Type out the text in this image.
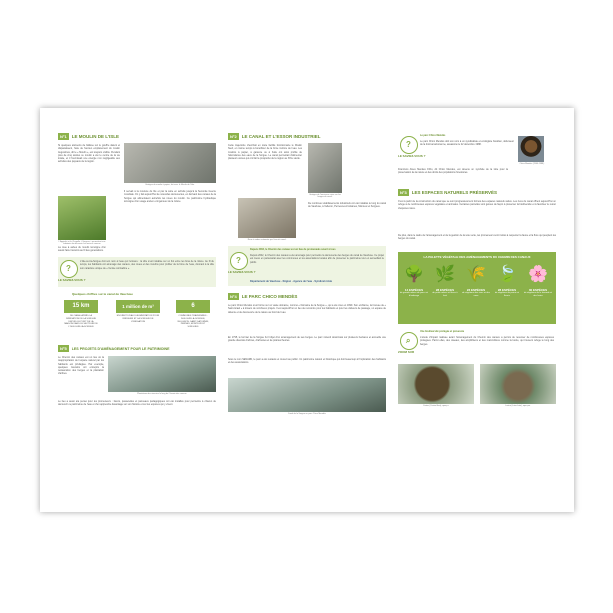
N°1	LE MOULIN DE L'ISLE
Si quelques éléments de bâtisse sur le gouffre datent et disparaissent, l'aire de l'ancien emplacement du moulin Augustinus, dit le « Moulin », est toujours visible. Pendant près de cinq siècles ce moulin a été le centre de la vie locale, et il fournissait une énergie non négligeable aux activités des paysans de la région.
Vestiges du moulin à papier, fait avec le Moulin de l'Isle.
L'Appiolet et la Chapelle « Sorgues » permettent aux habitants de découvrir les anciens canaux.
Il servait à la mouture du blé et par la suite en activité jusqu'à la Seconde Guerre mondiale. On y fait aujourd'hui de nouvelles découvertes, en dérivant des canaux de la Sorgue qui alimentaient autrefois les roues du moulin. Ce patrimoine hydraulique témoigne d'un usage ancien et ingénieux de la rivière.
La roue à aubes du moulin témoigne d'un savoir-faire transmis au fil des générations.
?
LE SAVIEZ-VOUS ?
L'Isle-sur-la-Sorgue doit son nom à l'eau qui l'entoure : la ville s'est installée sur un îlot entre les bras de la rivière. Au fil du temps, les habitants ont aménagé des canaux, des roues et des moulins pour profiter de la force de l'eau, donnant à la ville son caractère unique de « Venise comtadine ».
Quelques chiffres sur le canal de Vaucluse
15 km
DE CANAL APRÈS LA DÉRIVATION DE LA SORGUE DEPUIS LE PONT DE LA MAISON DANS LE SECTEUR DE L'ISLE-SUR-LA-SORGUE
1 million de m³
EN DÉBIT D'EAU D'ALIMENTATION POUR IRRIGUER ET LA SORGUE DE L'IRRIGATION
6
COMMUNES TRAVERSÉES : ISLE-SUR-LA-SORGUE, VELLERON, SAINT-SATURNIN, PERNES, MONTEUX ET SORGUES
N°5	LES PROJETS D'AMÉNAGEMENT POUR LE PATRIMOINE
Le Chemin des canaux est un lieu où la réappropriation de l'espace naturel par les habitants est privilégiée. Par exemple, quelques riverains ont entrepris la restauration des berges et la plantation d'arbres.
Plantations des riverains le long du Chemin des canaux.
Le lieu a aussi été pensé pour les promeneurs : bancs, passerelles et panneaux pédagogiques ont été installés pour permettre à chacun de découvrir ce patrimoine de l'eau et d'en apprendre davantage sur son histoire et sur les espèces qui y vivent.
N°2	LE CANAL ET L'ESSOR INDUSTRIEL
Cette trajectoire cherchait en toute facilité fonctionnaire le Moulin Neuf, en même temps à bénéficier de la force motrice de l'eau. Les moulins à papier, à garance ou à huile ont ainsi profité de l'abondance des eaux de la Sorgue. Le canal permettait d'alimenter plusieurs usines qui ont fait la prospérité de la région au XIXe siècle.
Vestiges de l'ancienne usine sur les berges du canal.
Roue à aubes actionnée par l'eau du canal.
De nombreux établissements industriels ont été installés le long du canal de Vaucluse, à Velleron, Pernes-les-Fontaines, Monteux et Sorgues.
?
LE SAVIEZ-VOUS ?
Depuis 2002, le Chemin des canaux est un lieu de promenade ouvert à tous
Depuis 2002, le Chemin des canaux a été aménagé pour permettre la découverte des berges du canal de Vaucluse. Ce projet est mené en partenariat avec les communes et les associations locales afin de préserver le patrimoine tout en accueillant le public.
Département de Vaucluse · Région · Agence de l'eau · Syndicat mixte
N°4	LE PARC CHICO MENDÈS
Le parc Chico Mendès s'est formé sur un vaste domaine, nommé « Domaine de la Sorgue », qui a été créé en 1999. Son emblème, la trouvée de « Saint-Israël » à travers de nombreux projets. Il est aujourd'hui un lieu de rencontre pour les habitants et pour les visiteurs de passage, un espace de détente et de découverte de la nature au bord de l'eau.
En 1795, le fermier de la Sorgue fut l'objet d'un aménagement de ses berges. Le parc s'étend désormais sur plusieurs hectares et accueille une grande diversité d'arbres, d'arbustes et de prairies fleuries.
Sous le nom SENARD, le parc a été restauré et rouvert au public. Un patrimoine naturel et historique qui doit beaucoup à l'implication des habitants et des associations.
Canal de la Sorgue au parc Chico Mendès.
?
LE SAVIEZ-VOUS ?
Le parc Chico Mendès
Le parc Chico Mendès doit son nom à un syndicaliste et écologiste brésilien, défenseur de la forêt amazonienne, assassiné le 22 décembre 1988.
Chico Mendes (1944-1988).
Francisco Alves Mendes Filho, dit Chico Mendes, est devenu un symbole de la lutte pour la préservation de la nature et des droits des populations forestières.
N°3	LES ESPACES NATURELS PRÉSERVÉS
C'est à partir de la construction du canal que se sont progressivement formés des espaces naturels variés. Les rives du canal offrent aujourd'hui un refuge à de nombreuses espèces végétales et animales. Certaines parcelles sont gérées de façon à préserver la biodiversité et à favoriser le retour d'espèces rares.
De plus, dans le cadre de l'aménagement et de la gestion de la voie verte, les promeneurs sont invités à respecter la faune et la flore qui peuplent les berges du canal.
LA PALETTE VÉGÉTALE DES AMÉNAGEMENTS DU CHEMIN DES CANAUX
🌳
14 ESPÈCES
de grands arbres de parcs et d'ombrage
🌿
28 ESPÈCES
de petits arbres et fleurs à fruit
🌾
23 ESPÈCES
de végétaux des rives et des eaux
🍃
28 ESPÈCES
de végétaux de prairie et fleuris
🌸
30 ESPÈCES
de végétaux de la lavande et des haies
⌕
ZOOM SUR
Une biodiversité protégée et préservée
L'étude d'impact réalisée avant l'aménagement du Chemin des canaux a permis de recenser de nombreuses espèces protégées. Parmi elles, des oiseaux, des amphibiens et des mammifères comme la loutre, qui trouvent refuge le long des berges.
Castor (Castor fiber), aperçu.	Loutre (Lutra lutra), aperçue.
